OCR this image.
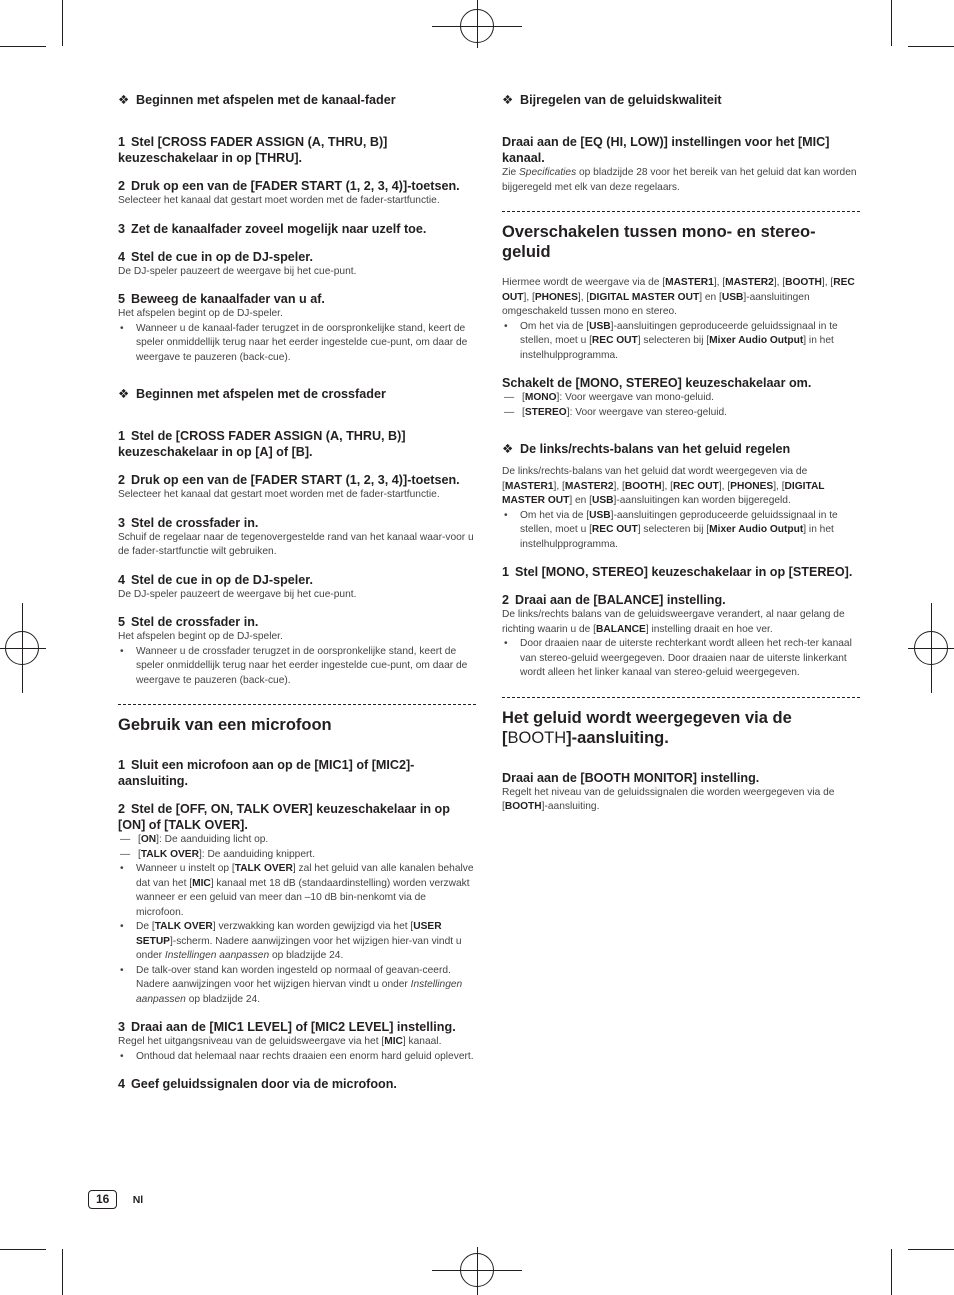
❖ Beginnen met afspelen met de kanaal-fader

1 Stel [CROSS FADER ASSIGN (A, THRU, B)] keuzeschakelaar in op [THRU].

2 Druk op een van de [FADER START (1, 2, 3, 4)]-toetsen.

Selecteer het kanaal dat gestart moet worden met de fader-startfunctie.

3 Zet de kanaalfader zoveel mogelijk naar uzelf toe.

4 Stel de cue in op de DJ-speler.

De DJ-speler pauzeert de weergave bij het cue-punt.

5 Beweeg de kanaalfader van u af.

Het afspelen begint op de DJ-speler.

• Wanneer u de kanaal-fader terugzet in de oorspronkelijke stand, keert de speler onmiddellijk terug naar het eerder ingestelde cue-punt, om daar de weergave te pauzeren (back-cue).

❖ Beginnen met afspelen met de crossfader

1 Stel de [CROSS FADER ASSIGN (A, THRU, B)] keuzeschakelaar in op [A] of [B].

2 Druk op een van de [FADER START (1, 2, 3, 4)]-toetsen.

Selecteer het kanaal dat gestart moet worden met de fader-startfunctie.

3 Stel de crossfader in.

Schuif de regelaar naar de tegenovergestelde rand van het kanaal waar-voor u de fader-startfunctie wilt gebruiken.

4 Stel de cue in op de DJ-speler.

De DJ-speler pauzeert de weergave bij het cue-punt.

5 Stel de crossfader in.

Het afspelen begint op de DJ-speler.

• Wanneer u de crossfader terugzet in de oorspronkelijke stand, keert de speler onmiddellijk terug naar het eerder ingestelde cue-punt, om daar de weergave te pauzeren (back-cue).

Gebruik van een microfoon

1 Sluit een microfoon aan op de [MIC1] of [MIC2]-aansluiting.

2 Stel de [OFF, ON, TALK OVER] keuzeschakelaar in op [ON] of [TALK OVER].

— [ON]: De aanduiding licht op.

— [TALK OVER]: De aanduiding knippert.

• Wanneer u instelt op [TALK OVER] zal het geluid van alle kanalen behalve dat van het [MIC] kanaal met 18 dB (standaardinstelling) worden verzwakt wanneer er een geluid van meer dan –10 dB bin-nenkomt via de microfoon.

• De [TALK OVER] verzwakking kan worden gewijzigd via het [USER SETUP]-scherm. Nadere aanwijzingen voor het wijzigen hier-van vindt u onder Instellingen aanpassen op bladzijde 24.

• De talk-over stand kan worden ingesteld op normaal of geavan-ceerd. Nadere aanwijzingen voor het wijzigen hiervan vindt u onder Instellingen aanpassen op bladzijde 24.

3 Draai aan de [MIC1 LEVEL] of [MIC2 LEVEL] instelling.

Regel het uitgangsniveau van de geluidsweergave via het [MIC] kanaal.

• Onthoud dat helemaal naar rechts draaien een enorm hard geluid oplevert.

4 Geef geluidssignalen door via de microfoon.

❖ Bijregelen van de geluidskwaliteit

Draai aan de [EQ (HI, LOW)] instellingen voor het [MIC] kanaal.

Zie Specificaties op bladzijde 28 voor het bereik van het geluid dat kan worden bijgeregeld met elk van deze regelaars.

Overschakelen tussen mono- en stereo-geluid

Hiermee wordt de weergave via de [MASTER1], [MASTER2], [BOOTH], [REC OUT], [PHONES], [DIGITAL MASTER OUT] en [USB]-aansluitingen omgeschakeld tussen mono en stereo.

• Om het via de [USB]-aansluitingen geproduceerde geluidssignaal in te stellen, moet u [REC OUT] selecteren bij [Mixer Audio Output] in het instelhulpprogramma.

Schakelt de [MONO, STEREO] keuzeschakelaar om.

— [MONO]: Voor weergave van mono-geluid.

— [STEREO]: Voor weergave van stereo-geluid.

❖ De links/rechts-balans van het geluid regelen

De links/rechts-balans van het geluid dat wordt weergegeven via de [MASTER1], [MASTER2], [BOOTH], [REC OUT], [PHONES], [DIGITAL MASTER OUT] en [USB]-aansluitingen kan worden bijgeregeld.

• Om het via de [USB]-aansluitingen geproduceerde geluidssignaal in te stellen, moet u [REC OUT] selecteren bij [Mixer Audio Output] in het instelhulpprogramma.

1 Stel [MONO, STEREO] keuzeschakelaar in op [STEREO].

2 Draai aan de [BALANCE] instelling.

De links/rechts balans van de geluidsweergave verandert, al naar gelang de richting waarin u de [BALANCE] instelling draait en hoe ver.

• Door draaien naar de uiterste rechterkant wordt alleen het rech-ter kanaal van stereo-geluid weergegeven. Door draaien naar de uiterste linkerkant wordt alleen het linker kanaal van stereo-geluid weergegeven.

Het geluid wordt weergegeven via de [BOOTH]-aansluiting.

Draai aan de [BOOTH MONITOR] instelling.

Regelt het niveau van de geluidssignalen die worden weergegeven via de [BOOTH]-aansluiting.

16 Nl
